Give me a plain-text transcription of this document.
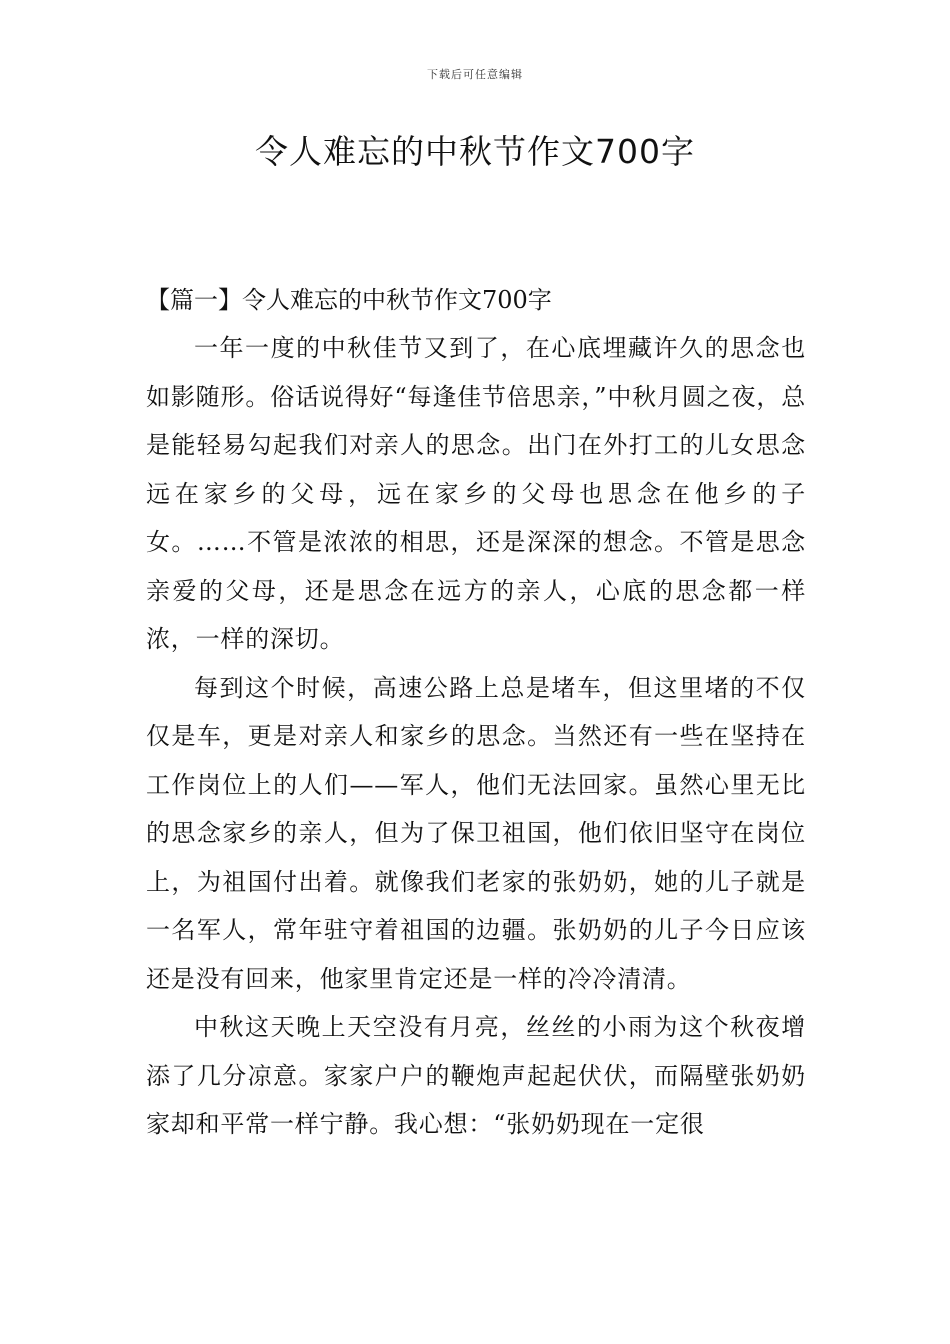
下载后可任意编辑
令人难忘的中秋节作文700字

【篇一】令人难忘的中秋节作文700字

一年一度的中秋佳节又到了，在心底埋藏许久的思念也如影随形。俗话说得好“每逢佳节倍思亲，”中秋月圆之夜，总是能轻易勾起我们对亲人的思念。出门在外打工的儿女思念远在家乡的父母，远在家乡的父母也思念在他乡的子女。……不管是浓浓的相思，还是深深的想念。不管是思念亲爱的父母，还是思念在远方的亲人，心底的思念都一样浓，一样的深切。

每到这个时候，高速公路上总是堵车，但这里堵的不仅仅是车，更是对亲人和家乡的思念。当然还有一些在坚持在工作岗位上的人们——军人，他们无法回家。虽然心里无比的思念家乡的亲人，但为了保卫祖国，他们依旧坚守在岗位上，为祖国付出着。就像我们老家的张奶奶，她的儿子就是一名军人，常年驻守着祖国的边疆。张奶奶的儿子今日应该还是没有回来，他家里肯定还是一样的冷冷清清。

中秋这天晚上天空没有月亮，丝丝的小雨为这个秋夜增添了几分凉意。家家户户的鞭炮声起起伏伏，而隔壁张奶奶家却和平常一样宁静。我心想：“张奶奶现在一定很
